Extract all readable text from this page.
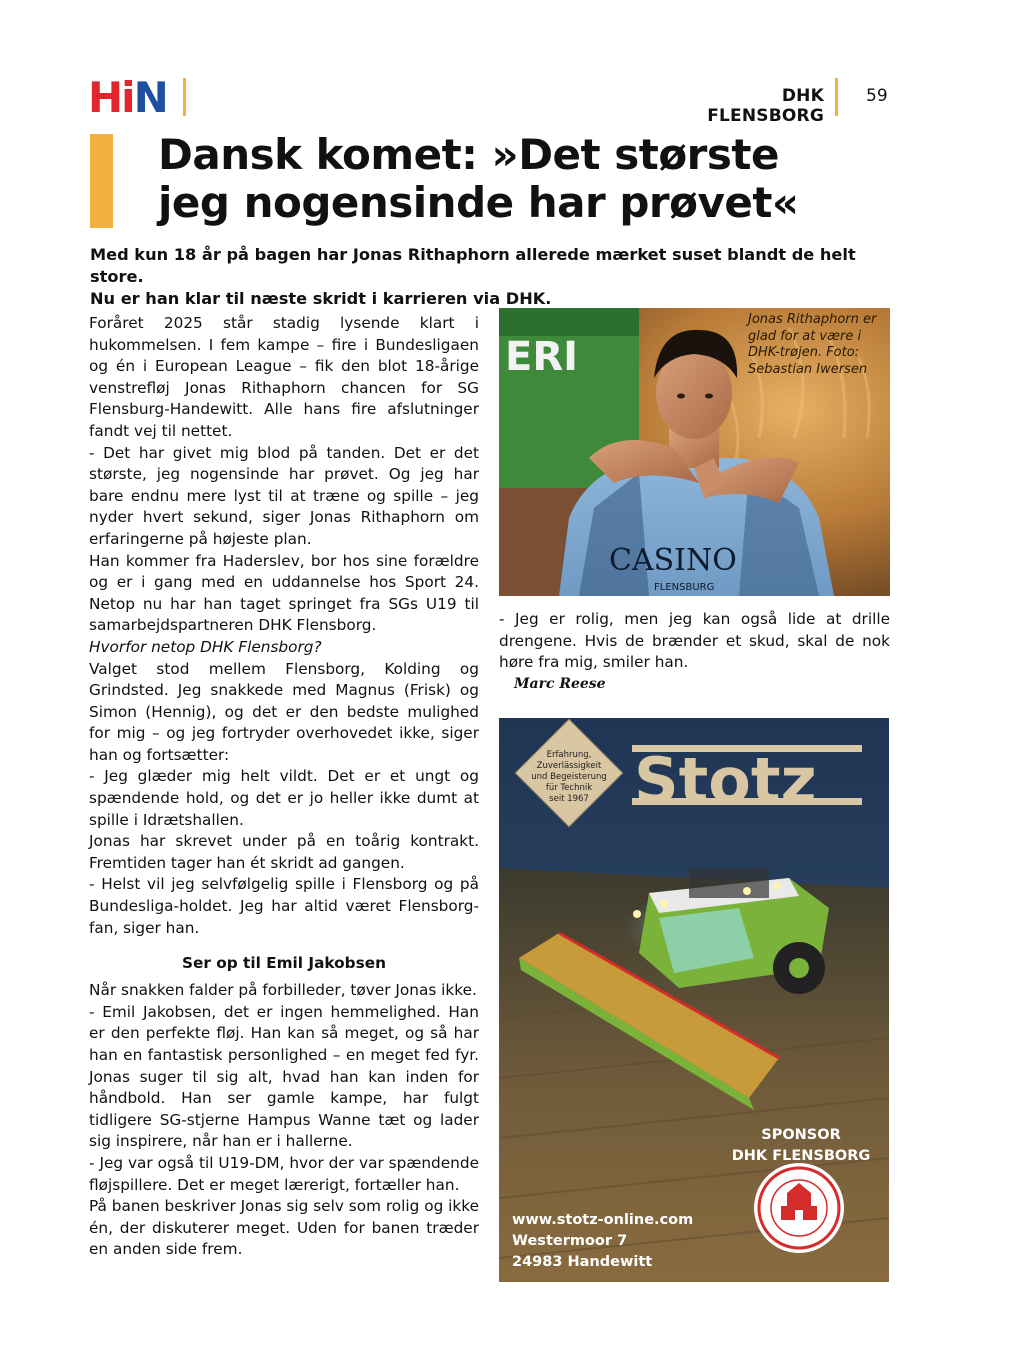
H i N	DHK FLENSBORG
59
Dansk komet: »Det største
jeg nogensinde har prøvet«

Med kun 18 år på bagen har Jonas Rithaphorn allerede mærket suset blandt de helt store.
Nu er han klar til næste skridt i karrieren via DHK.

Foråret 2025 står stadig lysende klart i hukommelsen. I fem kampe – fire i Bundesligaen og én i European League – fik den blot 18-årige venstrefløj Jonas Rithaphorn chancen for SG Flensburg-Handewitt. Alle hans fire afslutninger fandt vej til nettet.

- Det har givet mig blod på tanden. Det er det største, jeg nogensinde har prøvet. Og jeg har bare endnu mere lyst til at træne og spille – jeg nyder hvert sekund, siger Jonas Rithaphorn om erfaringerne på højeste plan.

Han kommer fra Haderslev, bor hos sine forældre og er i gang med en uddannelse hos Sport 24. Netop nu har han taget springet fra SGs U19 til samarbejdspartneren DHK Flensborg.

Hvorfor netop DHK Flensborg?

Valget stod mellem Flensborg, Kolding og Grindsted. Jeg snakkede med Magnus (Frisk) og Simon (Hennig), og det er den bedste mulighed for mig – og jeg fortryder overhovedet ikke, siger han og fortsætter:

- Jeg glæder mig helt vildt. Det er et ungt og spændende hold, og det er jo heller ikke dumt at spille i Idrætshallen.

Jonas har skrevet under på en toårig kontrakt. Fremtiden tager han ét skridt ad gangen.

- Helst vil jeg selvfølgelig spille i Flensborg og på Bundesliga-holdet. Jeg har altid været Flensborg-fan, siger han.

Ser op til Emil Jakobsen

Når snakken falder på forbilleder, tøver Jonas ikke.

- Emil Jakobsen, det er ingen hemmelighed. Han er den perfekte fløj. Han kan så meget, og så har han en fantastisk personlighed – en meget fed fyr. Jonas suger til sig alt, hvad han kan inden for håndbold. Han ser gamle kampe, har fulgt tidligere SG-stjerne Hampus Wanne tæt og lader sig inspirere, når han er i hallerne.

- Jeg var også til U19-DM, hvor der var spændende fløjspillere. Det er meget lærerigt, fortæller han.

På banen beskriver Jonas sig selv som rolig og ikke én, der diskuterer meget. Uden for banen træder en anden side frem.

ERI
CASINO
FLENSBURG

Jonas Rithaphorn er glad for at være i DHK-trøjen. Foto: Sebastian Iwersen

- Jeg er rolig, men jeg kan også lide at drille drengene. Hvis de brænder et skud, skal de nok høre fra mig, smiler han.

Marc Reese

Stotz
Erfahrung,
Zuverlässigkeit
und Begeisterung
für Technik
seit 1967

SPONSOR
DHK FLENSBORG

www.stotz-online.com
Westermoor 7
24983 Handewitt
